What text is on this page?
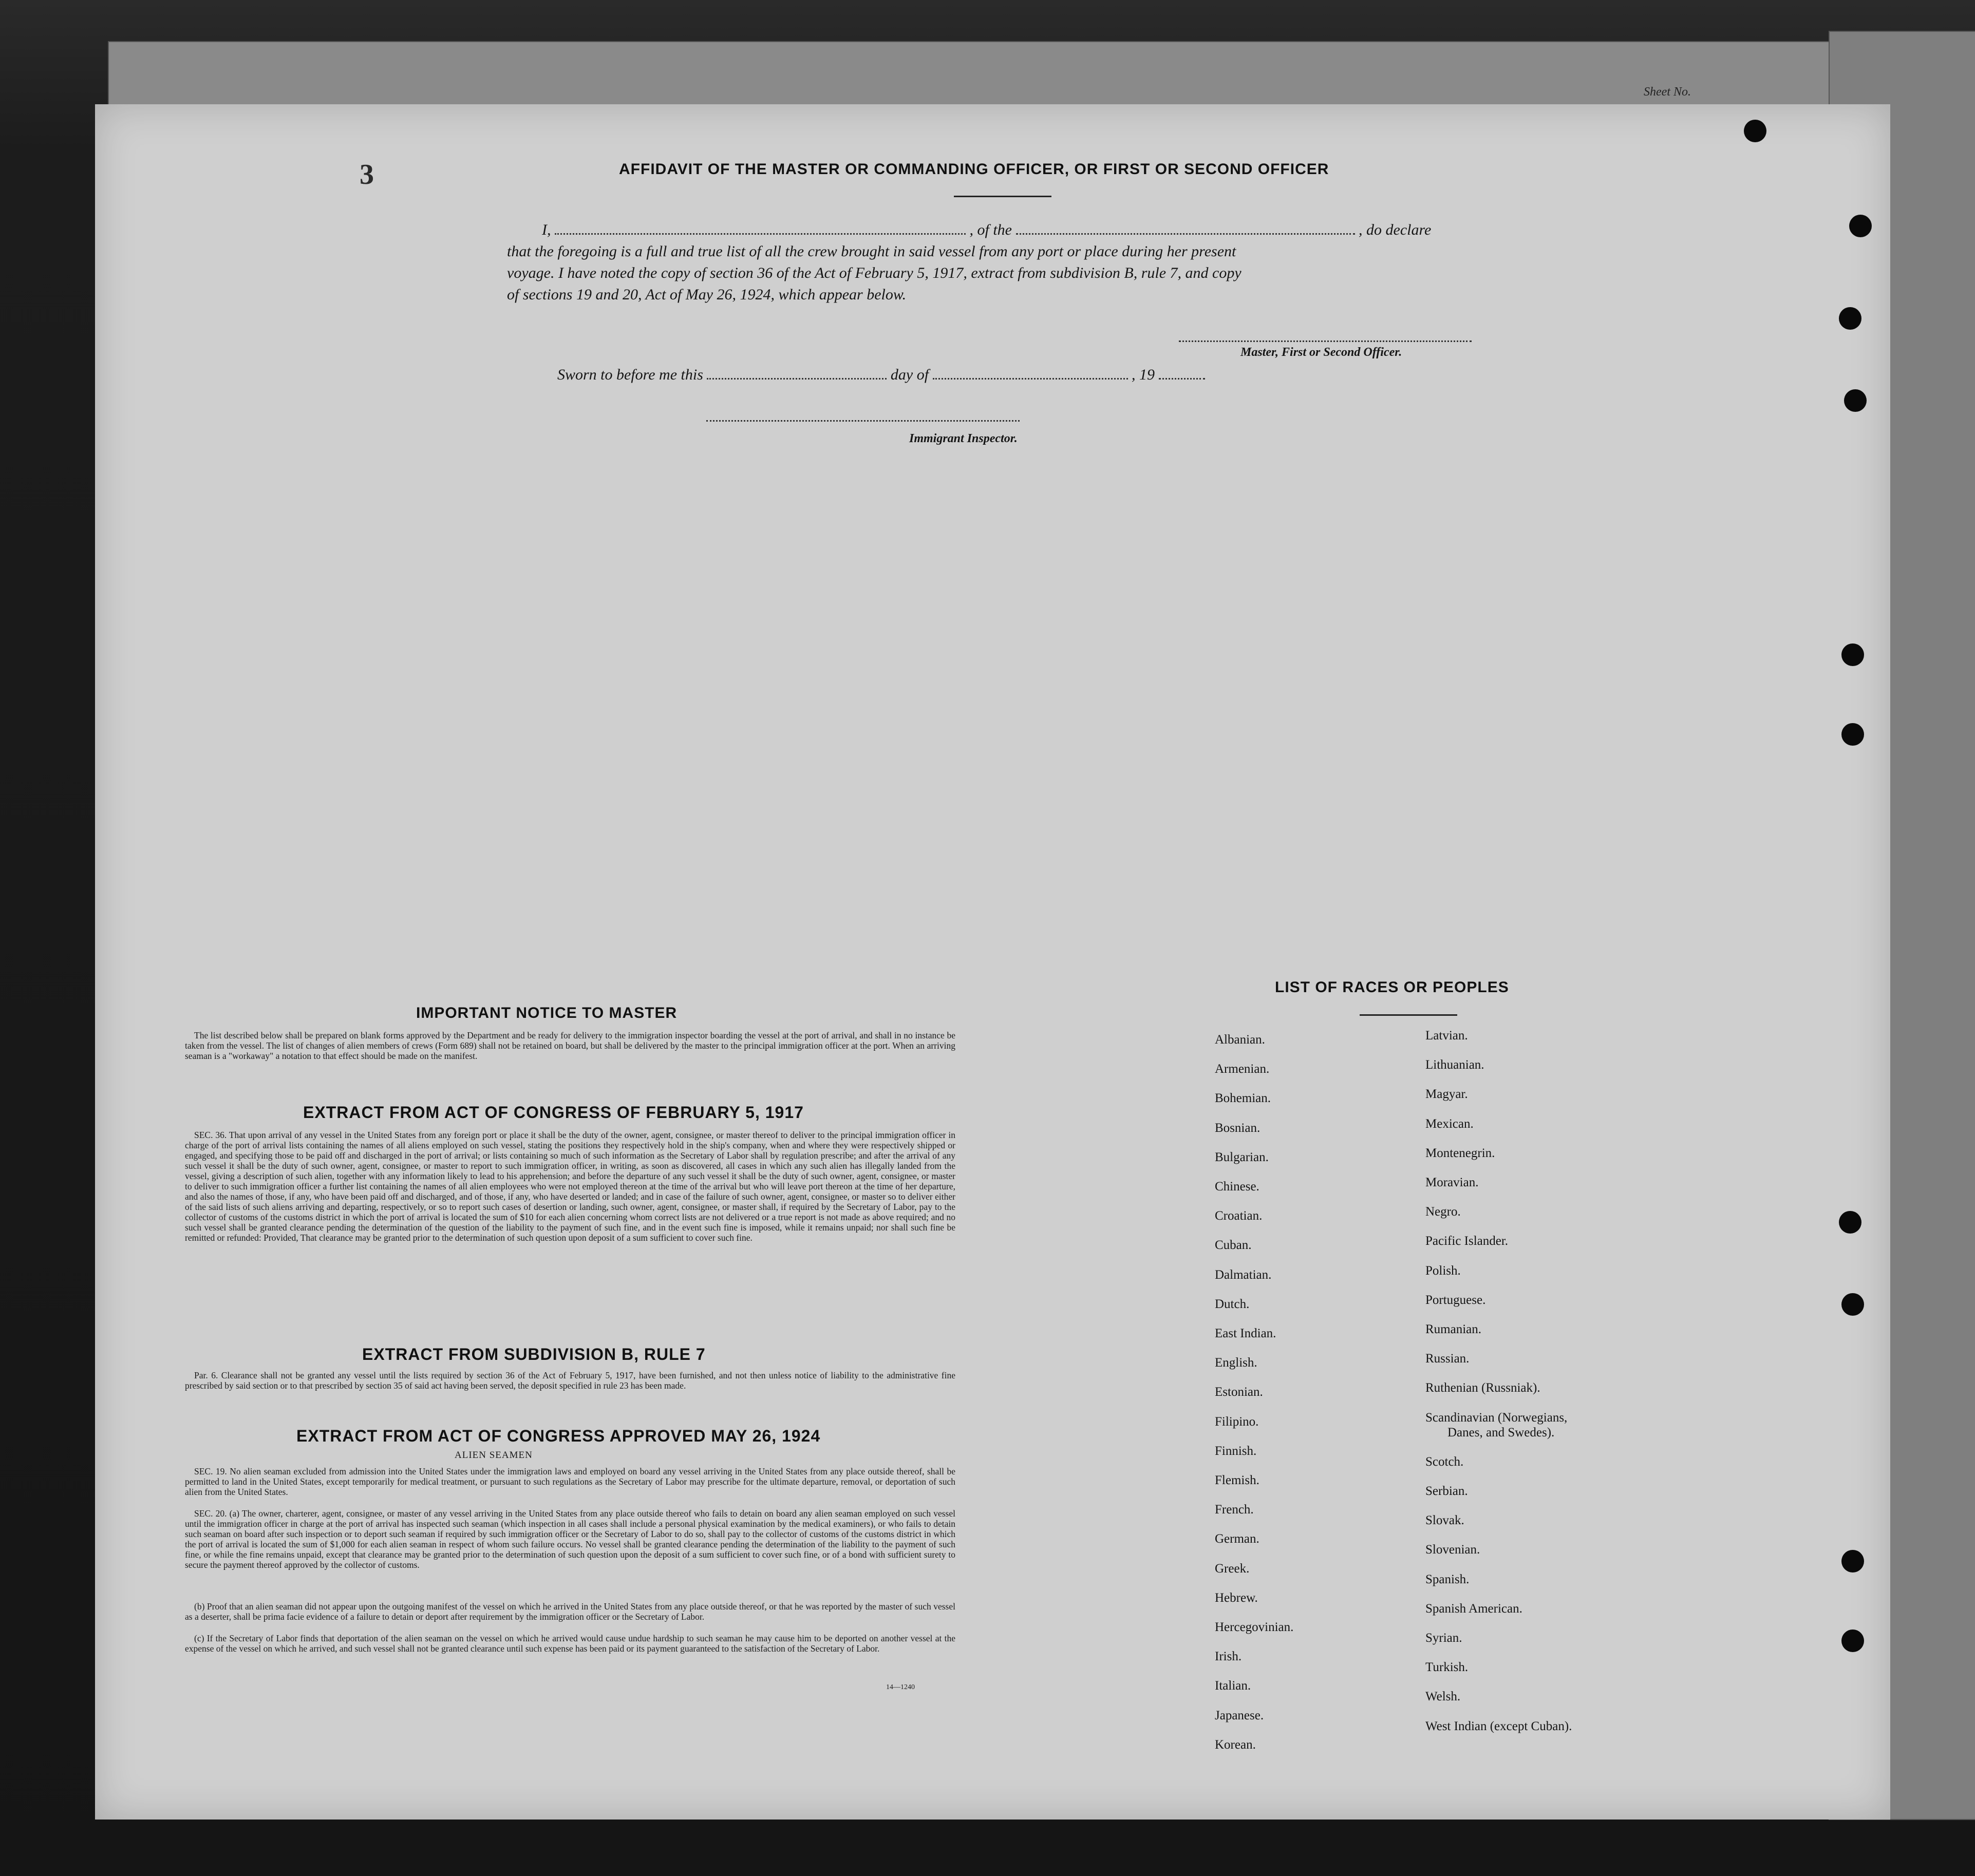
Sheet No.
3	AFFIDAVIT OF THE MASTER OR COMMANDING OFFICER, OR FIRST OR SECOND OFFICER
I,	, of the	, do declare
that the foregoing is a full and true list of all the crew brought in said vessel from any port or place during her present
voyage. I have noted the copy of section 36 of the Act of February 5, 1917, extract from subdivision B, rule 7, and copy
of sections 19 and 20, Act of May 26, 1924, which appear below.
Master, First or Second Officer.
Sworn to before me this	day of	, 19
Immigrant Inspector.
IMPORTANT NOTICE TO MASTER
The list described below shall be prepared on blank forms approved by the Department and be ready for delivery to the immigration inspector boarding the vessel at the port of arrival, and shall in no instance be taken from the vessel. The list of changes of alien members of crews (Form 689) shall not be retained on board, but shall be delivered by the master to the principal immigration officer at the port. When an arriving seaman is a "workaway" a notation to that effect should be made on the manifest.
EXTRACT FROM ACT OF CONGRESS OF FEBRUARY 5, 1917
SEC. 36. That upon arrival of any vessel in the United States from any foreign port or place it shall be the duty of the owner, agent, consignee, or master thereof to deliver to the principal immigration officer in charge of the port of arrival lists containing the names of all aliens employed on such vessel, stating the positions they respectively hold in the ship's company, when and where they were respectively shipped or engaged, and specifying those to be paid off and discharged in the port of arrival; or lists containing so much of such information as the Secretary of Labor shall by regulation prescribe; and after the arrival of any such vessel it shall be the duty of such owner, agent, consignee, or master to report to such immigration officer, in writing, as soon as discovered, all cases in which any such alien has illegally landed from the vessel, giving a description of such alien, together with any information likely to lead to his apprehension; and before the departure of any such vessel it shall be the duty of such owner, agent, consignee, or master to deliver to such immigration officer a further list containing the names of all alien employees who were not employed thereon at the time of the arrival but who will leave port thereon at the time of her departure, and also the names of those, if any, who have been paid off and discharged, and of those, if any, who have deserted or landed; and in case of the failure of such owner, agent, consignee, or master so to deliver either of the said lists of such aliens arriving and departing, respectively, or so to report such cases of desertion or landing, such owner, agent, consignee, or master shall, if required by the Secretary of Labor, pay to the collector of customs of the customs district in which the port of arrival is located the sum of $10 for each alien concerning whom correct lists are not delivered or a true report is not made as above required; and no such vessel shall be granted clearance pending the determination of the question of the liability to the payment of such fine, and in the event such fine is imposed, while it remains unpaid; nor shall such fine be remitted or refunded: Provided, That clearance may be granted prior to the determination of such question upon deposit of a sum sufficient to cover such fine.
EXTRACT FROM SUBDIVISION B, RULE 7
Par. 6. Clearance shall not be granted any vessel until the lists required by section 36 of the Act of February 5, 1917, have been furnished, and not then unless notice of liability to the administrative fine prescribed by said section or to that prescribed by section 35 of said act having been served, the deposit specified in rule 23 has been made.
EXTRACT FROM ACT OF CONGRESS APPROVED MAY 26, 1924
ALIEN SEAMEN
SEC. 19. No alien seaman excluded from admission into the United States under the immigration laws and employed on board any vessel arriving in the United States from any place outside thereof, shall be permitted to land in the United States, except temporarily for medical treatment, or pursuant to such regulations as the Secretary of Labor may prescribe for the ultimate departure, removal, or deportation of such alien from the United States.
SEC. 20. (a) The owner, charterer, agent, consignee, or master of any vessel arriving in the United States from any place outside thereof who fails to detain on board any alien seaman employed on such vessel until the immigration officer in charge at the port of arrival has inspected such seaman (which inspection in all cases shall include a personal physical examination by the medical examiners), or who fails to detain such seaman on board after such inspection or to deport such seaman if required by such immigration officer or the Secretary of Labor to do so, shall pay to the collector of customs of the customs district in which the port of arrival is located the sum of $1,000 for each alien seaman in respect of whom such failure occurs. No vessel shall be granted clearance pending the determination of the liability to the payment of such fine, or while the fine remains unpaid, except that clearance may be granted prior to the determination of such question upon the deposit of a sum sufficient to cover such fine, or of a bond with sufficient surety to secure the payment thereof approved by the collector of customs.
(b) Proof that an alien seaman did not appear upon the outgoing manifest of the vessel on which he arrived in the United States from any place outside thereof, or that he was reported by the master of such vessel as a deserter, shall be prima facie evidence of a failure to detain or deport after requirement by the immigration officer or the Secretary of Labor.
(c) If the Secretary of Labor finds that deportation of the alien seaman on the vessel on which he arrived would cause undue hardship to such seaman he may cause him to be deported on another vessel at the expense of the vessel on which he arrived, and such vessel shall not be granted clearance until such expense has been paid or its payment guaranteed to the satisfaction of the Secretary of Labor.
14—1240
LIST OF RACES OR PEOPLES
Albanian.
Armenian.
Bohemian.
Bosnian.
Bulgarian.
Chinese.
Croatian.
Cuban.
Dalmatian.
Dutch.
East Indian.
English.
Estonian.
Filipino.
Finnish.
Flemish.
French.
German.
Greek.
Hebrew.
Hercegovinian.
Irish.
Italian.
Japanese.
Korean.
Latvian.
Lithuanian.
Magyar.
Mexican.
Montenegrin.
Moravian.
Negro.
Pacific Islander.
Polish.
Portuguese.
Rumanian.
Russian.
Ruthenian (Russniak).
Scandinavian (Norwegians,
Danes, and Swedes).
Scotch.
Serbian.
Slovak.
Slovenian.
Spanish.
Spanish American.
Syrian.
Turkish.
Welsh.
West Indian (except Cuban).
